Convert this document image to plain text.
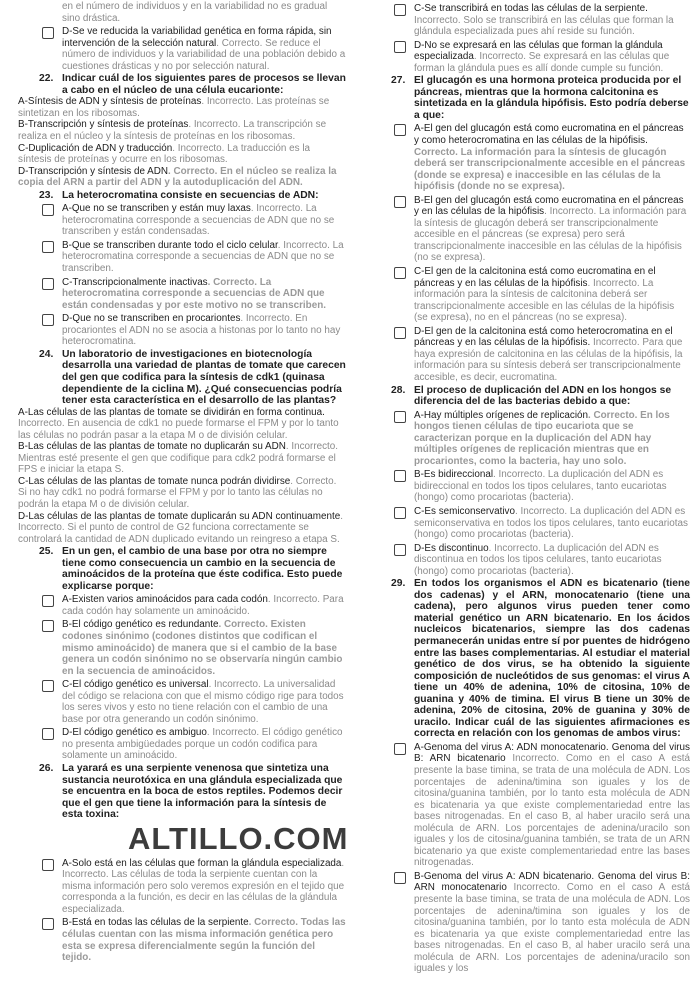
en el número de individuos y en la variabilidad no es gradual sino drástica.
D-Se ve reducida la variabilidad genética en forma rápida, sin intervención de la selección natural. Correcto. Se reduce el número de individuos y la variabilidad de una población debido a cuestiones drásticas y no por selección natural.
22. Indicar cuál de los siguientes pares de procesos se llevan a cabo en el núcleo de una célula eucarionte:
A-Síntesis de ADN y síntesis de proteínas. Incorrecto. Las proteínas se sintetizan en los ribosomas.
B-Transcripción y síntesis de proteínas. Incorrecto. La transcripción se realiza en el núcleo y la síntesis de proteínas en los ribosomas.
C-Duplicación de ADN y traducción. Incorrecto. La traducción es la síntesis de proteínas y ocurre en los ribosomas.
D-Transcripción y síntesis de ADN. Correcto. En el núcleo se realiza la copia del ARN a partir del ADN y la autoduplicación del ADN.
23. La heterocromatina consiste en secuencias de ADN:
A-Que no se transcriben y están muy laxas. Incorrecto. La heterocromatina corresponde a secuencias de ADN que no se transcriben y están condensadas.
B-Que se transcriben durante todo el ciclo celular. Incorrecto. La heterocromatina corresponde a secuencias de ADN que no se transcriben.
C-Transcripcionalmente inactivas. Correcto. La heterocromatina corresponde a secuencias de ADN que están condensadas y por este motivo no se transcriben.
D-Que no se transcriben en procariontes. Incorrecto. En procariontes el ADN no se asocia a histonas por lo tanto no hay heterocromatina.
24. Un laboratorio de investigaciones en biotecnología desarrolla una variedad de plantas de tomate que carecen del gen que codifica para la síntesis de cdk1 (quinasa dependiente de la ciclina M). ¿Qué consecuencias podría tener esta característica en el desarrollo de las plantas?
A-Las células de las plantas de tomate se dividirán en forma continua. Incorrecto. En ausencia de cdk1 no puede formarse el FPM y por lo tanto las células no podrán pasar a la etapa M o de división celular.
B-Las células de las plantas de tomate no duplicarán su ADN. Incorrecto. Mientras esté presente el gen que codifique para cdk2 podrá formarse el FPS e iniciar la etapa S.
C-Las células de las plantas de tomate nunca podrán dividirse. Correcto. Si no hay cdk1 no podrá formarse el FPM y por lo tanto las células no podrán la etapa M o de división celular.
D-Las células de las plantas de tomate duplicarán su ADN continuamente. Incorrecto. Si el punto de control de G2 funciona correctamente se controlará la cantidad de ADN duplicado evitando un reingreso a etapa S.
25. En un gen, el cambio de una base por otra no siempre tiene como consecuencia un cambio en la secuencia de aminoácidos de la proteína que éste codifica. Esto puede explicarse porque:
A-Existen varios aminoácidos para cada codón. Incorrecto. Para cada codón hay solamente un aminoácido.
B-El código genético es redundante. Correcto. Existen codones sinónimo (codones distintos que codifican el mismo aminoácido) de manera que si el cambio de la base genera un codón sinónimo no se observaría ningún cambio en la secuencia de aminoácidos.
C-El código genético es universal. Incorrecto. La universalidad del código se relaciona con que el mismo código rige para todos los seres vivos y esto no tiene relación con el cambio de una base por otra generando un codón sinónimo.
D-El código genético es ambiguo. Incorrecto. El código genético no presenta ambigüedades porque un codón codifica para solamente un aminoácido.
26. La yarará es una serpiente venenosa que sintetiza una sustancia neurotóxica en una glándula especializada que se encuentra en la boca de estos reptiles. Podemos decir que el gen que tiene la información para la síntesis de esta toxina:
ALTILLO.COM
A-Solo está en las células que forman la glándula especializada. Incorrecto. Las células de toda la serpiente cuentan con la misma información pero solo veremos expresión en el tejido que corresponda a la función, es decir en las células de la glándula especializada.
B-Está en todas las células de la serpiente. Correcto. Todas las células cuentan con las misma información genética pero esta se expresa diferencialmente según la función del tejido.
C-Se transcribirá en todas las células de la serpiente. Incorrecto. Solo se transcribirá en las células que forman la glándula especializada pues ahí reside su función.
D-No se expresará en las células que forman la glándula especializada. Incorrecto. Se expresará en las células que forman la glándula pues es allí donde cumple su función.
27. El glucagón es una hormona proteica producida por el páncreas, mientras que la hormona calcitonina es sintetizada en la glándula hipófisis. Esto podría deberse a que:
A-El gen del glucagón está como eucromatina en el páncreas y como heterocromatina en las células de la hipófisis. Correcto. La información para la síntesis de glucagón deberá ser transcripcionalmente accesible en el páncreas (donde se expresa) e inaccesible en las células de la hipófisis (donde no se expresa).
B-El gen del glucagón está como eucromatina en el páncreas y en las células de la hipófisis. Incorrecto. La información para la síntesis de glucagón deberá ser transcripcionalmente accesible en el páncreas (se expresa) pero será transcripcionalmente inaccesible en las células de la hipófisis (no se expresa).
C-El gen de la calcitonina está como eucromatina en el páncreas y en las células de la hipófisis. Incorrecto. La información para la síntesis de calcitonina deberá ser transcripcionalmente accesible en las células de la hipófisis (se expresa), no en el páncreas (no se expresa).
D-El gen de la calcitonina está como heterocromatina en el páncreas y en las células de la hipófisis. Incorrecto. Para que haya expresión de calcitonina en las células de la hipófisis, la información para su síntesis deberá ser transcripcionalmente accesible, es decir, eucromatina.
28. El proceso de duplicación del ADN en los hongos se diferencia del de las bacterias debido a que:
A-Hay múltiples orígenes de replicación. Correcto. En los hongos tienen células de tipo eucariota que se caracterizan porque en la duplicación del ADN hay múltiples orígenes de replicación mientras que en procariontes, como la bacteria, hay uno solo.
B-Es bidireccional. Incorrecto. La duplicación del ADN es bidireccional en todos los tipos celulares, tanto eucariotas (hongo) como procariotas (bacteria).
C-Es semiconservativo. Incorrecto. La duplicación del ADN es semiconservativa en todos los tipos celulares, tanto eucariotas (hongo) como procariotas (bacteria).
D-Es discontinuo. Incorrecto. La duplicación del ADN es discontinua en todos los tipos celulares, tanto eucariotas (hongo) como procariotas (bacteria).
29. En todos los organismos el ADN es bicatenario (tiene dos cadenas) y el ARN, monocatenario (tiene una cadena), pero algunos virus pueden tener como material genético un ARN bicatenario. En los ácidos nucleicos bicatenarios, siempre las dos cadenas permanecerán unidas entre sí por puentes de hidrógeno entre las bases complementarias. Al estudiar el material genético de dos virus, se ha obtenido la siguiente composición de nucleótidos de sus genomas: el virus A tiene un 40% de adenina, 10% de citosina, 10% de guanina y 40% de timina. El virus B tiene un 30% de adenina, 20% de citosina, 20% de guanina y 30% de uracilo. Indicar cuál de las siguientes afirmaciones es correcta en relación con los genomas de ambos virus:
A-Genoma del virus A: ADN monocatenario. Genoma del virus B: ARN bicatenario Incorrecto. Como en el caso A está presente la base timina, se trata de una molécula de ADN. Los porcentajes de adenina/timina son iguales y los de citosina/guanina también, por lo tanto esta molécula de ADN es bicatenaria ya que existe complementariedad entre las bases nitrogenadas. En el caso B, al haber uracilo será una molécula de ARN. Los porcentajes de adenina/uracilo son iguales y los de citosina/guanina también, se trata de un ARN bicatenario ya que existe complementariedad entre las bases nitrogenadas.
B-Genoma del virus A: ADN bicatenario. Genoma del virus B: ARN monocatenario Incorrecto. Como en el caso A está presente la base timina, se trata de una molécula de ADN. Los porcentajes de adenina/timina son iguales y los de citosina/guanina también, por lo tanto esta molécula de ADN es bicatenaria ya que existe complementariedad entre las bases nitrogenadas. En el caso B, al haber uracilo será una molécula de ARN. Los porcentajes de adenina/uracilo son iguales y los
